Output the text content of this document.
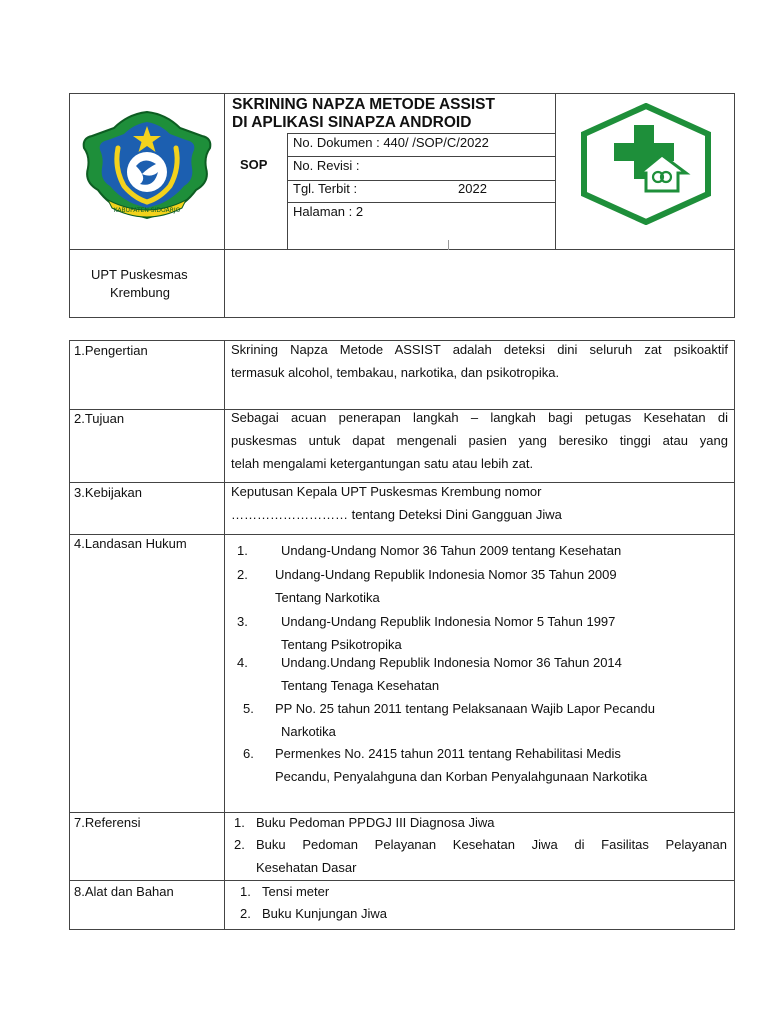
KABUPATEN SIDOARJO
SKRINING NAPZA METODE ASSIST
DI APLIKASI SINAPZA ANDROID
SOP
No. Dokumen : 440/ /SOP/C/2022
No. Revisi :
Tgl. Terbit :	2022
Halaman : 2
UPT Puskesmas
Krembung
1.Pengertian	Skrining Napza Metode ASSIST adalah deteksi dini seluruh zat psikoaktif
termasuk alcohol, tembakau, narkotika, dan psikotropika.
2.Tujuan	Sebagai acuan penerapan langkah – langkah bagi petugas Kesehatan di
puskesmas untuk dapat mengenali pasien yang beresiko tinggi atau yang
telah mengalami ketergantungan satu atau lebih zat.
3.Kebijakan	Keputusan Kepala UPT Puskesmas Krembung nomor
……………………… tentang Deteksi Dini Gangguan Jiwa
4.Landasan Hukum	1.	Undang-Undang Nomor 36 Tahun 2009 tentang Kesehatan
2. Undang-Undang Republik Indonesia Nomor 35 Tahun 2009
Tentang Narkotika
3.	Undang-Undang Republik Indonesia Nomor 5 Tahun 1997
Tentang Psikotropika
4.	Undang.Undang Republik Indonesia Nomor 36 Tahun 2014
Tentang Tenaga Kesehatan
5. PP No. 25 tahun 2011 tentang Pelaksanaan Wajib Lapor Pecandu
Narkotika
6. Permenkes No. 2415 tahun 2011 tentang Rehabilitasi Medis
Pecandu, Penyalahguna dan Korban Penyalahgunaan Narkotika
7.Referensi	1. Buku Pedoman PPDGJ III Diagnosa Jiwa
2. Buku Pedoman Pelayanan Kesehatan Jiwa di Fasilitas Pelayanan
Kesehatan Dasar
8.Alat dan Bahan	1. Tensi meter
2. Buku Kunjungan Jiwa
